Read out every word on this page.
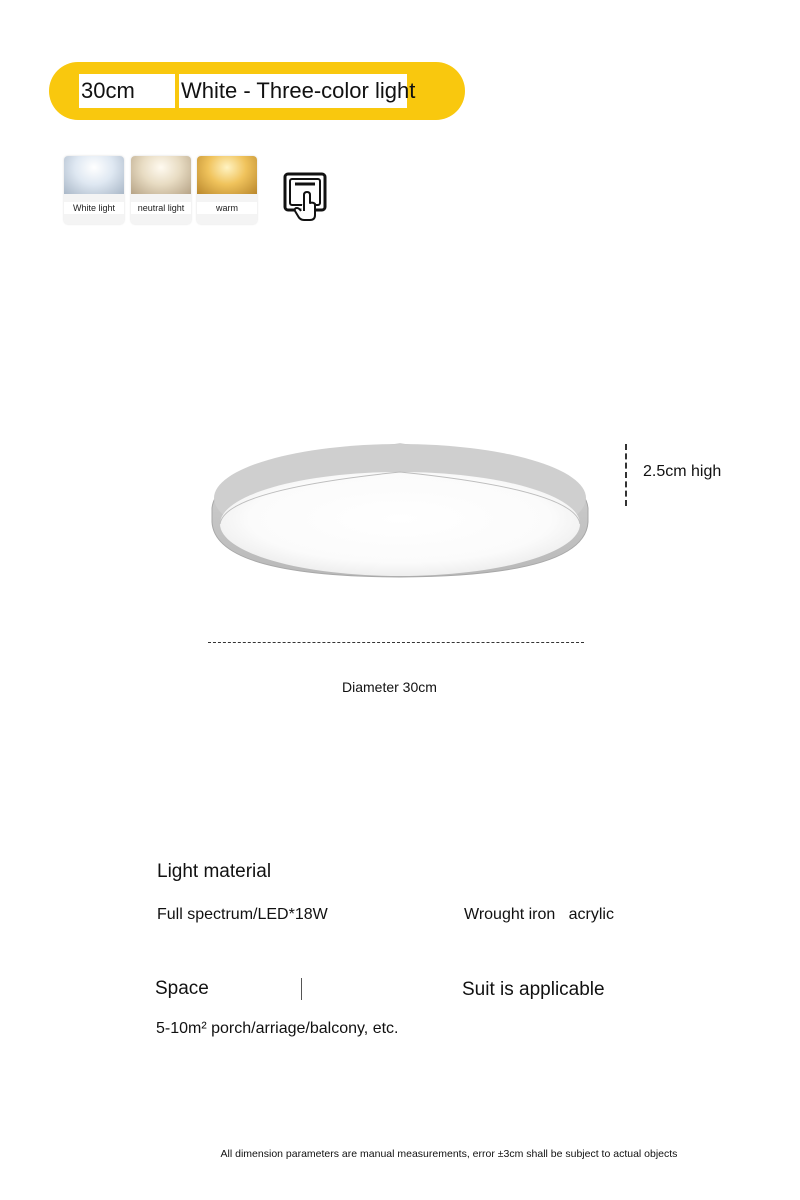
30cm	White - Three-color light
White light	neutral light	warm
2.5cm high
Diameter 30cm
Light material
Full spectrum/LED*18W	Wrought iron   acrylic
Space	Suit is applicable
5-10m² porch/arriage/balcony, etc.
All dimension parameters are manual measurements, error ±3cm shall be subject to actual objects
